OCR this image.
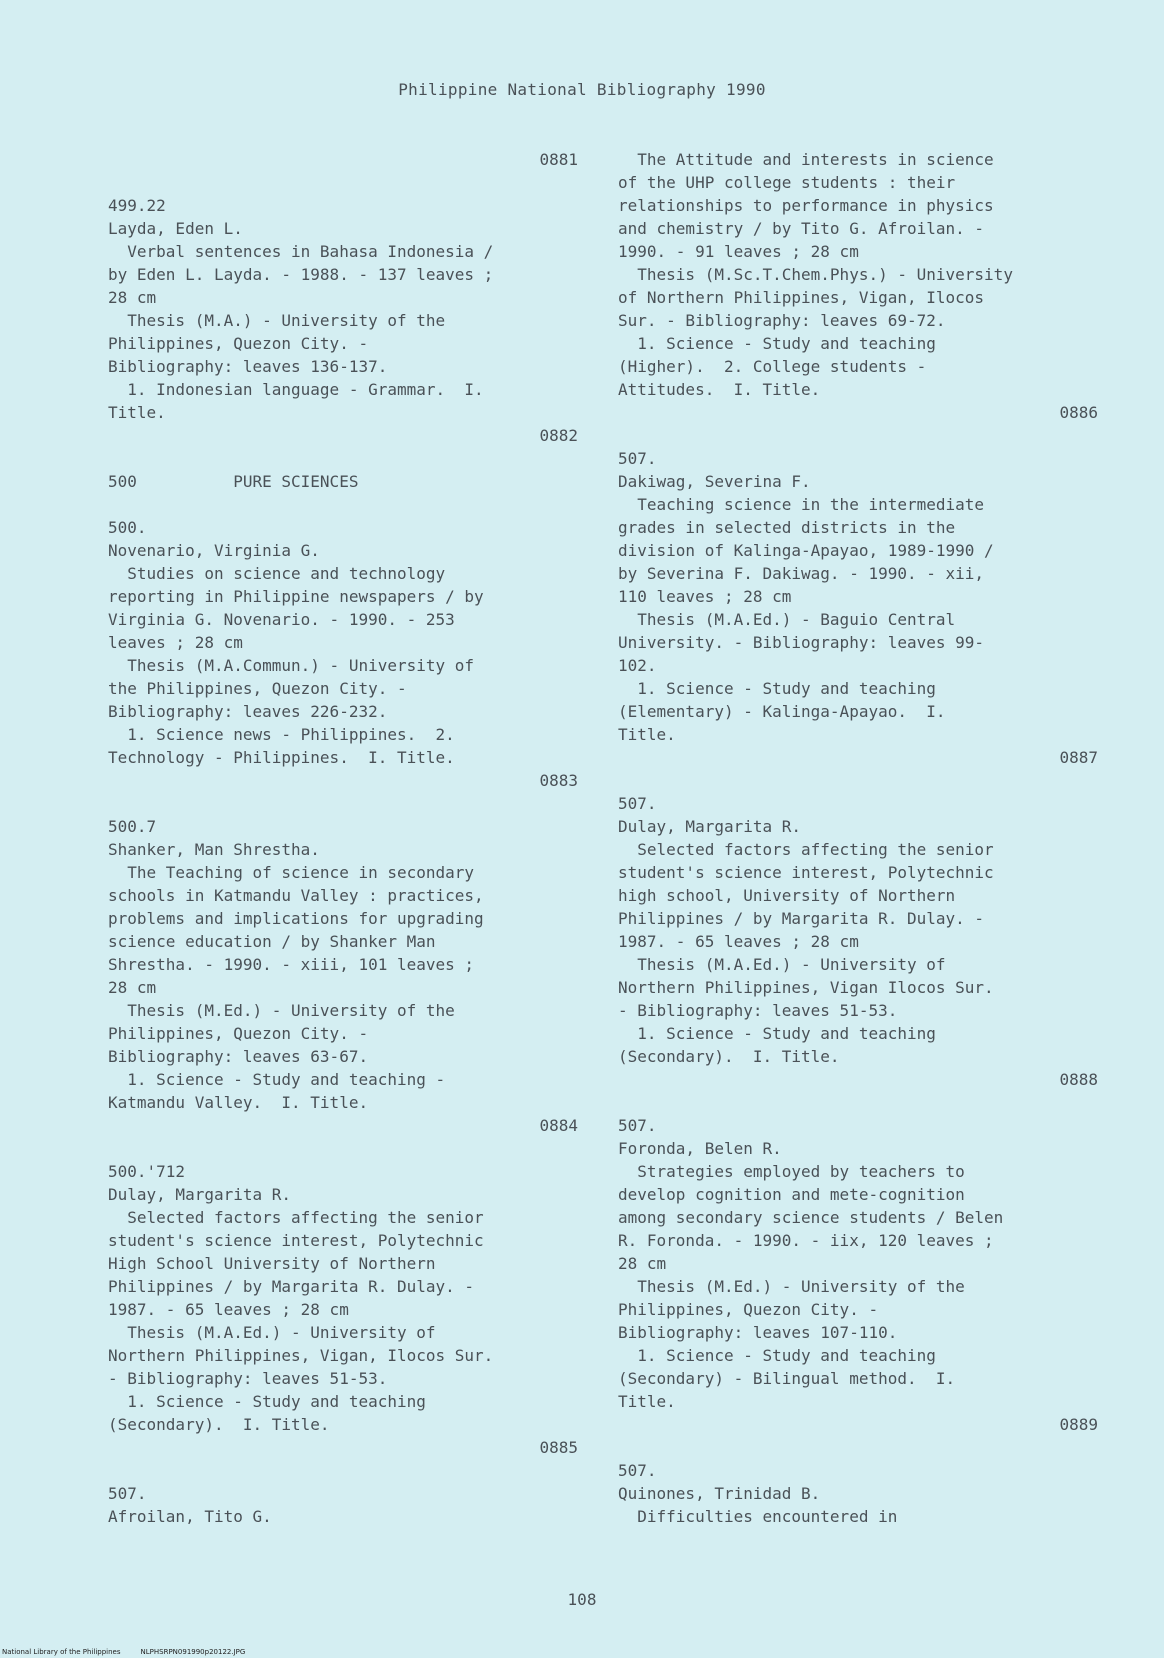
Philippine National Bibliography 1990
0881

499.22
Layda, Eden L.
Verbal sentences in Bahasa Indonesia /
by Eden L. Layda. - 1988. - 137 leaves ;
28 cm
Thesis (M.A.) - University of the
Philippines, Quezon City. -
Bibliography: leaves 136-137.
1. Indonesian language - Grammar.  I.
Title.
0882

500          PURE SCIENCES

500.
Novenario, Virginia G.
Studies on science and technology
reporting in Philippine newspapers / by
Virginia G. Novenario. - 1990. - 253
leaves ; 28 cm
Thesis (M.A.Commun.) - University of
the Philippines, Quezon City. -
Bibliography: leaves 226-232.
1. Science news - Philippines.  2.
Technology - Philippines.  I. Title.
0883

500.7
Shanker, Man Shrestha.
The Teaching of science in secondary
schools in Katmandu Valley : practices,
problems and implications for upgrading
science education / by Shanker Man
Shrestha. - 1990. - xiii, 101 leaves ;
28 cm
Thesis (M.Ed.) - University of the
Philippines, Quezon City. -
Bibliography: leaves 63-67.
1. Science - Study and teaching -
Katmandu Valley.  I. Title.
0884

500.'712
Dulay, Margarita R.
Selected factors affecting the senior
student's science interest, Polytechnic
High School University of Northern
Philippines / by Margarita R. Dulay. -
1987. - 65 leaves ; 28 cm
Thesis (M.A.Ed.) - University of
Northern Philippines, Vigan, Ilocos Sur.
- Bibliography: leaves 51-53.
1. Science - Study and teaching
(Secondary).  I. Title.
0885

507.
Afroilan, Tito G.
The Attitude and interests in science
of the UHP college students : their
relationships to performance in physics
and chemistry / by Tito G. Afroilan. -
1990. - 91 leaves ; 28 cm
Thesis (M.Sc.T.Chem.Phys.) - University
of Northern Philippines, Vigan, Ilocos
Sur. - Bibliography: leaves 69-72.
1. Science - Study and teaching
(Higher).  2. College students -
Attitudes.  I. Title.
0886

507.
Dakiwag, Severina F.
Teaching science in the intermediate
grades in selected districts in the
division of Kalinga-Apayao, 1989-1990 /
by Severina F. Dakiwag. - 1990. - xii,
110 leaves ; 28 cm
Thesis (M.A.Ed.) - Baguio Central
University. - Bibliography: leaves 99-
102.
1. Science - Study and teaching
(Elementary) - Kalinga-Apayao.  I.
Title.
0887

507.
Dulay, Margarita R.
Selected factors affecting the senior
student's science interest, Polytechnic
high school, University of Northern
Philippines / by Margarita R. Dulay. -
1987. - 65 leaves ; 28 cm
Thesis (M.A.Ed.) - University of
Northern Philippines, Vigan Ilocos Sur.
- Bibliography: leaves 51-53.
1. Science - Study and teaching
(Secondary).  I. Title.
0888

507.
Foronda, Belen R.
Strategies employed by teachers to
develop cognition and mete-cognition
among secondary science students / Belen
R. Foronda. - 1990. - iix, 120 leaves ;
28 cm
Thesis (M.Ed.) - University of the
Philippines, Quezon City. -
Bibliography: leaves 107-110.
1. Science - Study and teaching
(Secondary) - Bilingual method.  I.
Title.
0889

507.
Quinones, Trinidad B.
Difficulties encountered in
108
National Library of the Philippines	NLPHSRPN091990p20122.JPG
